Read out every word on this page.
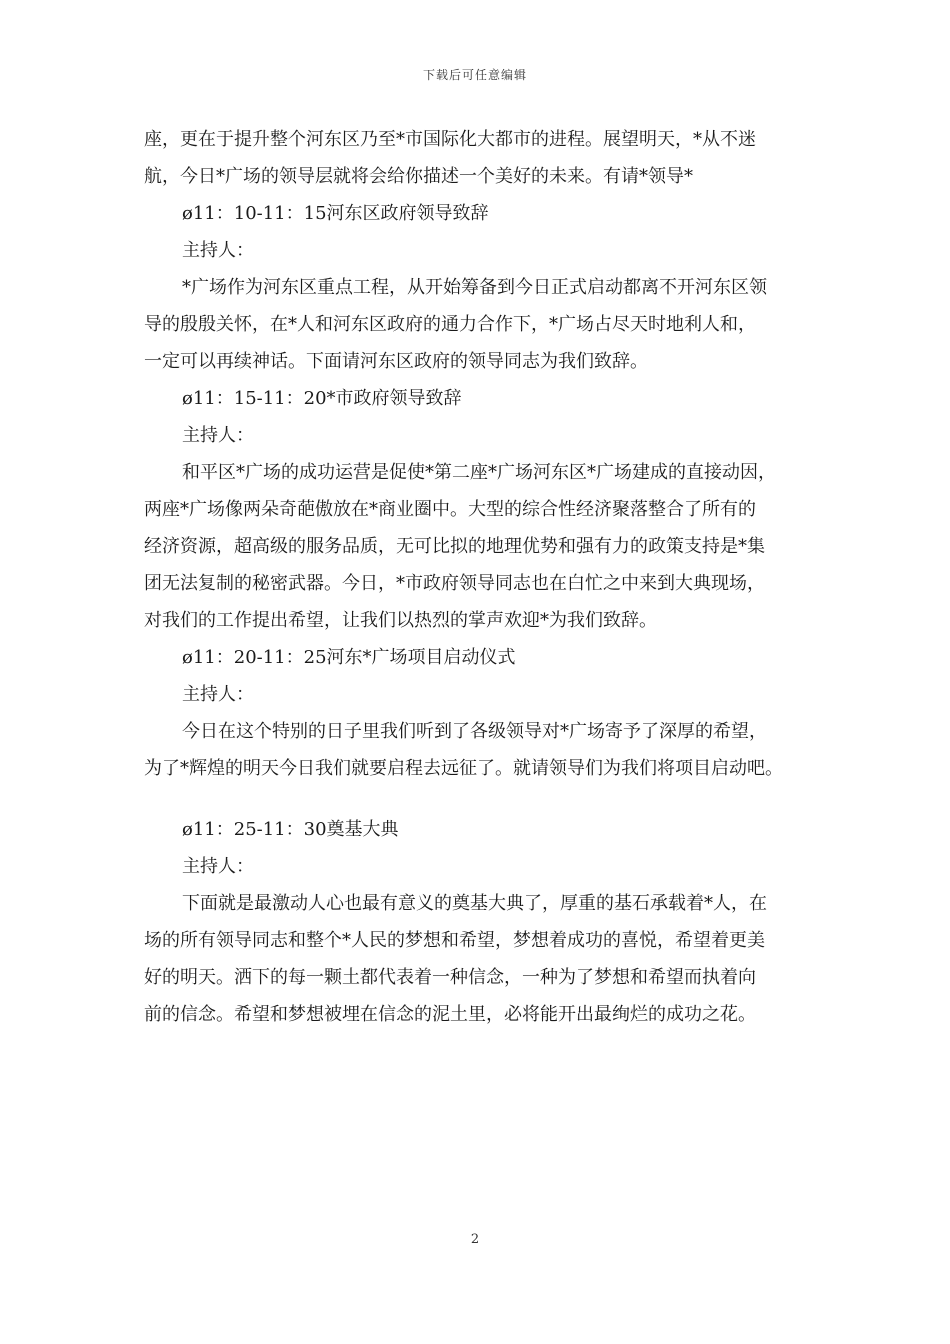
下载后可任意编辑
座，更在于提升整个河东区乃至*市国际化大都市的进程。展望明天，*从不迷
航，今日*广场的领导层就将会给你描述一个美好的未来。有请*领导*
ø11：10-11：15河东区政府领导致辞
主持人：
*广场作为河东区重点工程，从开始筹备到今日正式启动都离不开河东区领
导的殷殷关怀，在*人和河东区政府的通力合作下，*广场占尽天时地利人和，
一定可以再续神话。下面请河东区政府的领导同志为我们致辞。
ø11：15-11：20*市政府领导致辞
主持人：
和平区*广场的成功运营是促使*第二座*广场河东区*广场建成的直接动因，
两座*广场像两朵奇葩傲放在*商业圈中。大型的综合性经济聚落整合了所有的
经济资源，超高级的服务品质，无可比拟的地理优势和强有力的政策支持是*集
团无法复制的秘密武器。今日，*市政府领导同志也在白忙之中来到大典现场，
对我们的工作提出希望，让我们以热烈的掌声欢迎*为我们致辞。
ø11：20-11：25河东*广场项目启动仪式
主持人：
今日在这个特别的日子里我们听到了各级领导对*广场寄予了深厚的希望，
为了*辉煌的明天今日我们就要启程去远征了。就请领导们为我们将项目启动吧。
ø11：25-11：30奠基大典
主持人：
下面就是最激动人心也最有意义的奠基大典了，厚重的基石承载着*人，在
场的所有领导同志和整个*人民的梦想和希望，梦想着成功的喜悦，希望着更美
好的明天。洒下的每一颗土都代表着一种信念，一种为了梦想和希望而执着向
前的信念。希望和梦想被埋在信念的泥土里，必将能开出最绚烂的成功之花。
2
